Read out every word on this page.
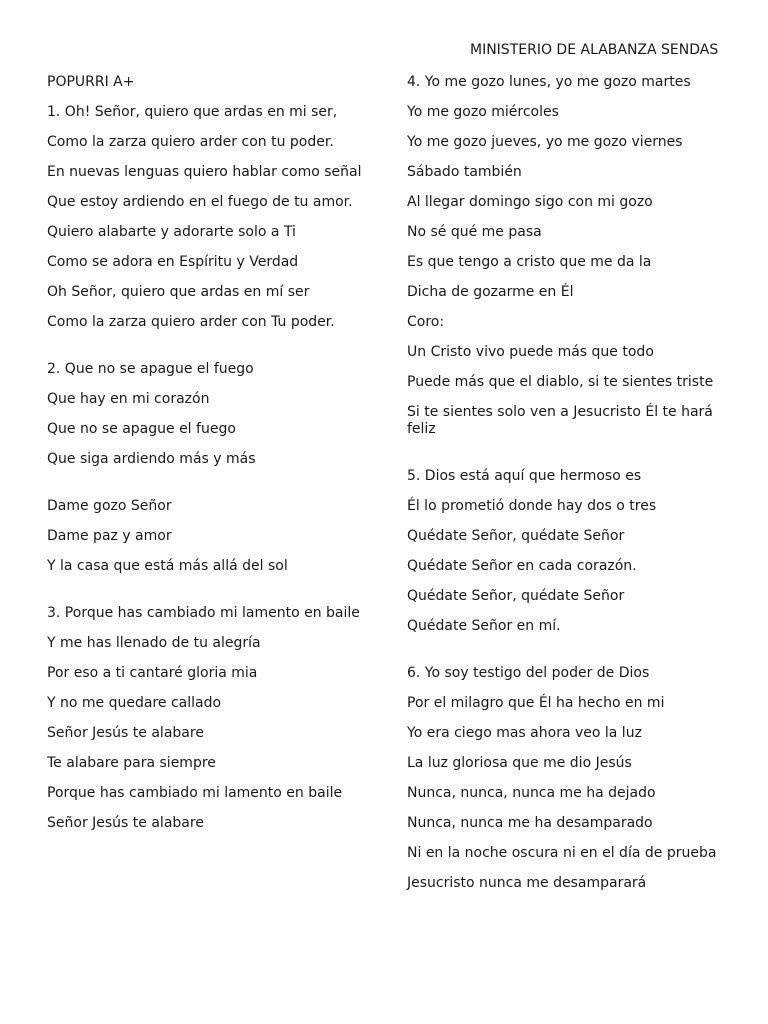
MINISTERIO DE ALABANZA SENDAS
POPURRI A+
1. Oh! Señor, quiero que ardas en mi ser,
Como la zarza quiero arder con tu poder.
En nuevas lenguas quiero hablar como señal
Que estoy ardiendo en el fuego de tu amor.
Quiero alabarte y adorarte solo a Ti
Como se adora en Espíritu y Verdad
Oh Señor, quiero que ardas en mí ser
Como la zarza quiero arder con Tu poder.
2. Que no se apague el fuego
Que hay en mi corazón
Que no se apague el fuego
Que siga ardiendo más y más
Dame gozo Señor
Dame paz y amor
Y la casa que está más allá del sol
3. Porque has cambiado mi lamento en baile
Y me has llenado de tu alegría
Por eso a ti cantaré gloria mia
Y no me quedare callado
Señor Jesús te alabare
Te alabare para siempre
Porque has cambiado mi lamento en baile
Señor Jesús te alabare
4. Yo me gozo lunes, yo me gozo martes
Yo me gozo miércoles
Yo me gozo jueves, yo me gozo viernes
Sábado también
Al llegar domingo sigo con mi gozo
No sé qué me pasa
Es que tengo a cristo que me da la
Dicha de gozarme en Él
Coro:
Un Cristo vivo puede más que todo
Puede más que el diablo, si te sientes triste
Si te sientes solo ven a Jesucristo Él te hará feliz
5. Dios está aquí que hermoso es
Él lo prometió donde hay dos o tres
Quédate Señor, quédate Señor
Quédate Señor en cada corazón.
Quédate Señor, quédate Señor
Quédate Señor en mí.
6. Yo soy testigo del poder de Dios
Por el milagro que Él ha hecho en mi
Yo era ciego mas ahora veo la luz
La luz gloriosa que me dio Jesús
Nunca, nunca, nunca me ha dejado
Nunca, nunca me ha desamparado
Ni en la noche oscura ni en el día de prueba
Jesucristo nunca me desamparará
